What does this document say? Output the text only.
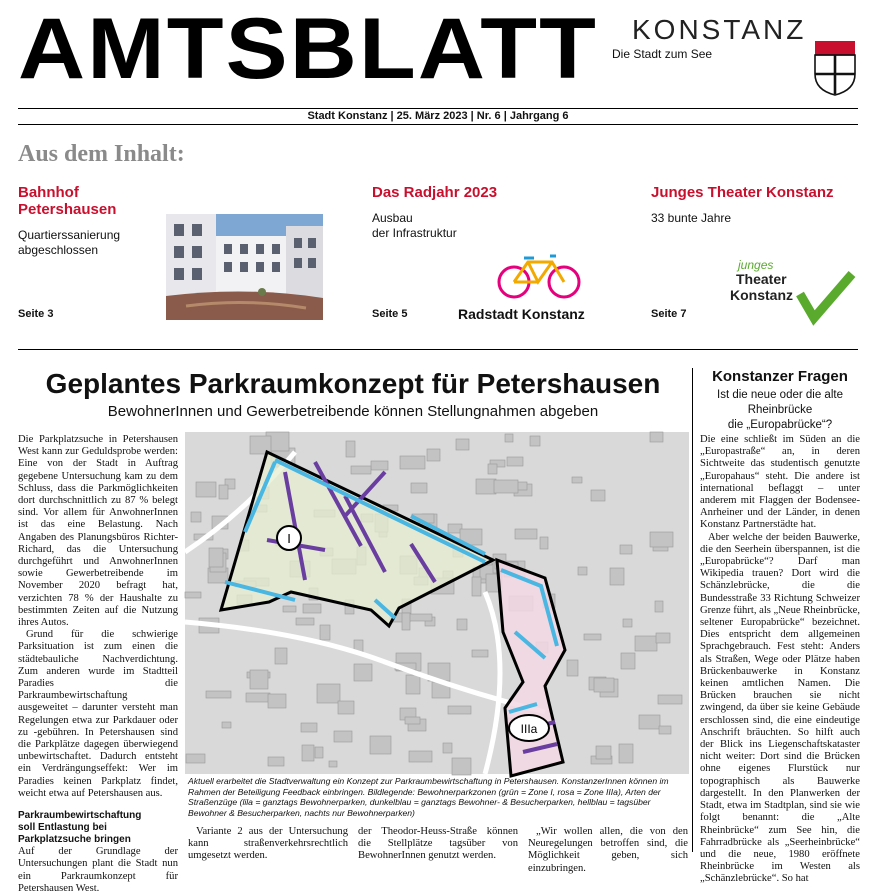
AMTSBLATT KONSTANZ
Die Stadt zum See
Stadt Konstanz | 25. März 2023 | Nr. 6 | Jahrgang 6
Aus dem Inhalt:
Bahnhof Petershausen
Quartierssanierung
abgeschlossen
Seite 3
Das Radjahr 2023
Ausbau
der Infrastruktur
Seite 5	Radstadt Konstanz
Junges Theater Konstanz
33 bunte Jahre
Seite 7
junges
Theater
Konstanz
Geplantes Parkraumkonzept für Petershausen
BewohnerInnen und Gewerbetreibende können Stellungnahmen abgeben

Die Parkplatzsuche in Petershausen West kann zur Geduldsprobe werden: Eine von der Stadt in Auftrag gegebene Untersuchung kam zu dem Schluss, dass die Parkmöglichkeiten dort durchschnittlich zu 87 % belegt sind. Vor allem für AnwohnerInnen ist das eine Belastung. Nach Angaben des Planungsbüros Richter-Richard, das die Untersuchung durchgeführt und AnwohnerInnen sowie Gewerbetreibende im November 2020 befragt hat, verzichten 78 % der Haushalte zu bestimmten Zeiten auf die Nutzung ihres Autos.

Grund für die schwierige Parksituation ist zum einen die städtebauliche Nachverdichtung. Zum anderen wurde im Stadtteil Paradies die Parkraumbewirtschaftung ausgeweitet – darunter versteht man Regelungen etwa zur Parkdauer oder zu -gebühren. In Petershausen sind die Parkplätze dagegen überwiegend unbewirtschaftet. Dadurch entsteht ein Verdrängungseffekt: Wer im Paradies keinen Parkplatz findet, weicht etwa auf Petershausen aus.

Parkraumbewirtschaftung
soll Entlastung bei
Parkplatzsuche bringen

Auf der Grundlage der Untersuchungen plant die Stadt nun ein Parkraumkonzept für Petershausen West.

I
IIIa
Aktuell erarbeitet die Stadtverwaltung ein Konzept zur Parkraumbewirtschaftung in Petershausen. KonstanzerInnen können im Rahmen der Beteiligung Feedback einbringen. Bildlegende: Bewohnerparkzonen (grün = Zone I, rosa = Zone IIIa), Arten der Straßenzüge (lila = ganztags Bewohnerparken, dunkelblau = ganztags Bewohner- & Besucherparken, hellblau = tagsüber Bewohner & Besucherparken, nachts nur Bewohnerparken)

Variante 2 aus der Untersuchung kann straßenverkehrsrechtlich umgesetzt werden.

der Theodor-Heuss-Straße können die Stellplätze tagsüber von BewohnerInnen genutzt werden.

„Wir wollen allen, die von den Neuregelungen betroffen sind, die Möglichkeit geben, sich einzubringen.

Konstanzer Fragen
Ist die neue oder die alte
Rheinbrücke
die „Europabrücke“?

Die eine schließt im Süden an die „Europastraße“ an, in deren Sichtweite das studentisch genutzte „Europahaus“ steht. Die andere ist international beflaggt – unter anderem mit Flaggen der Bodensee-Anrheiner und der Länder, in denen Konstanz Partnerstädte hat.

Aber welche der beiden Bauwerke, die den Seerhein überspannen, ist die „Europabrücke“? Darf man Wikipedia trauen? Dort wird die Schänzlebrücke, die die Bundesstraße 33 Richtung Schweizer Grenze führt, als „Neue Rheinbrücke, seltener Europabrücke“ bezeichnet. Dies entspricht dem allgemeinen Sprachgebrauch. Fest steht: Anders als Straßen, Wege oder Plätze haben Brückenbauwerke in Konstanz keinen amtlichen Namen. Die Brücken brauchen sie nicht zwingend, da über sie keine Gebäude erschlossen sind, die eine eindeutige Anschrift bräuchten. So hilft auch der Blick ins Liegenschaftskataster nicht weiter: Dort sind die Brücken ohne eigenes Flurstück nur topographisch als Bauwerke dargestellt. In den Planwerken der Stadt, etwa im Stadtplan, sind sie wie folgt benannt: die „Alte Rheinbrücke“ zum See hin, die Fahrradbrücke als „Seerheinbrücke“ und die neue, 1980 eröffnete Rheinbrücke im Westen als „Schänzlebrücke“. So hat
